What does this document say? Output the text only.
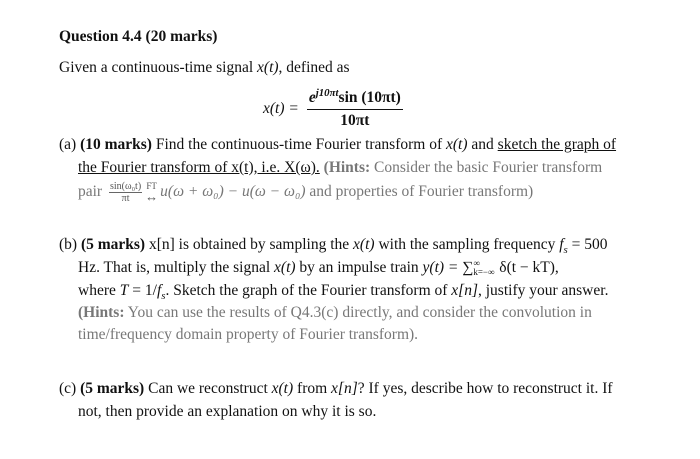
Question 4.4 (20 marks)
Given a continuous-time signal x(t), defined as
$x(t) = \frac{e^{j10\pi t}\sin (10\pi t)}{10\pi t}$
(a) (10 marks) Find the continuous-time Fourier transform of x(t) and sketch the graph of
the Fourier transform of x(t), i.e. X(ω). (Hints: Consider the basic Fourier transform
pair $\frac{\text{sin(ω₀t)}}{\pi t}$ FT
↔ u(ω + ω₀) − u(ω − ω₀) and properties of Fourier transform)
(b) (5 marks) x[n] is obtained by sampling the x(t) with the sampling frequency $f_s = 500$
Hz. That is, multiply the signal x(t) by an impulse train y(t) = ∑ ∞
k=−∞ δ(t − kT),
where $T = 1/f_s$. Sketch the graph of the Fourier transform of x[n], justify your answer.
(Hints: You can use the results of Q4.3(c) directly, and consider the convolution in
time/frequency domain property of Fourier transform).
(c) (5 marks) Can we reconstruct x(t) from x[n]? If yes, describe how to reconstruct it. If
not, then provide an explanation on why it is so.
